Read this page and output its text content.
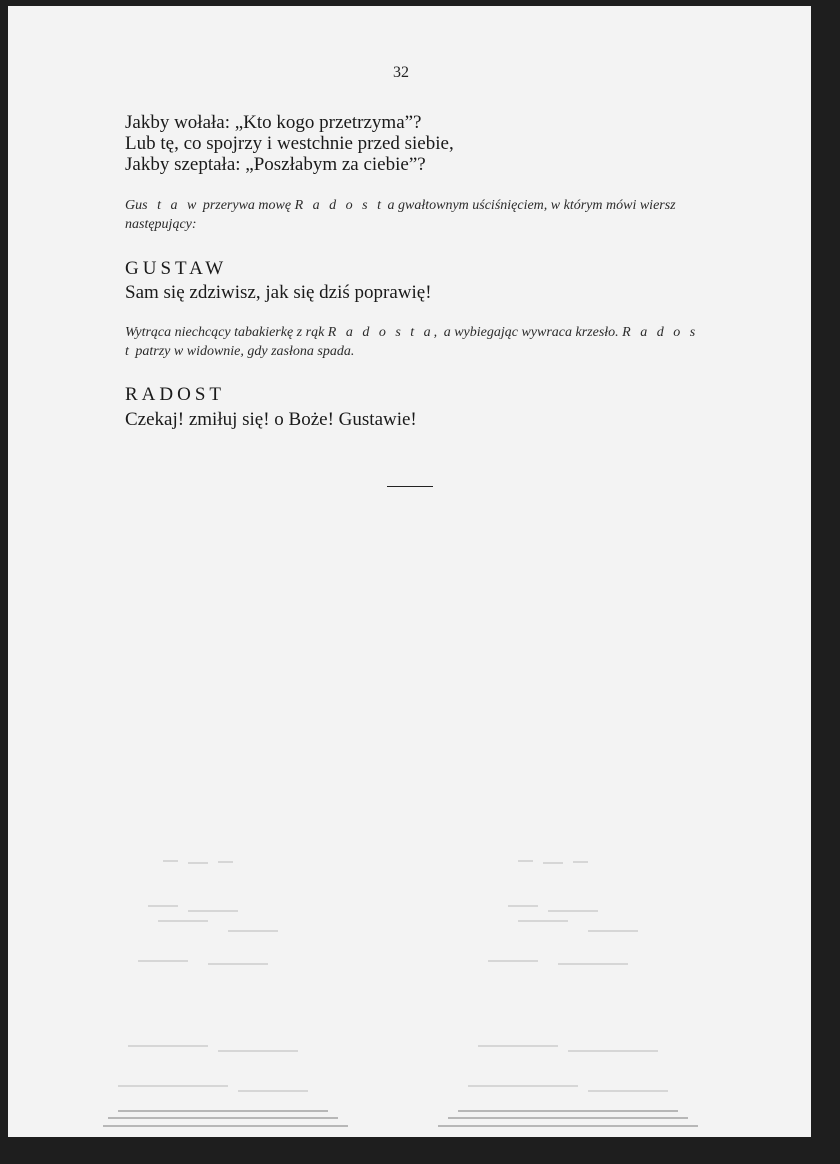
32
Jakby wołała: „Kto kogo przetrzyma”?
Lub tę, co spojrzy i westchnie przed siebie,
Jakby szeptała: „Poszłabym za ciebie”?
Gus t a w przerywa mowę R a d o s t a gwałtownym uściśnięciem, w którym mówi wiersz następujący:
GUSTAW
Sam się zdziwisz, jak się dziś poprawię!
Wytrąca niechcący tabakierkę z rąk R a d o s t a, a wybiegając wywraca krzesło. R a d o s t patrzy w widownie, gdy zasłona spada.
RADOST
Czekaj! zmiłuj się! o Boże! Gustawie!
